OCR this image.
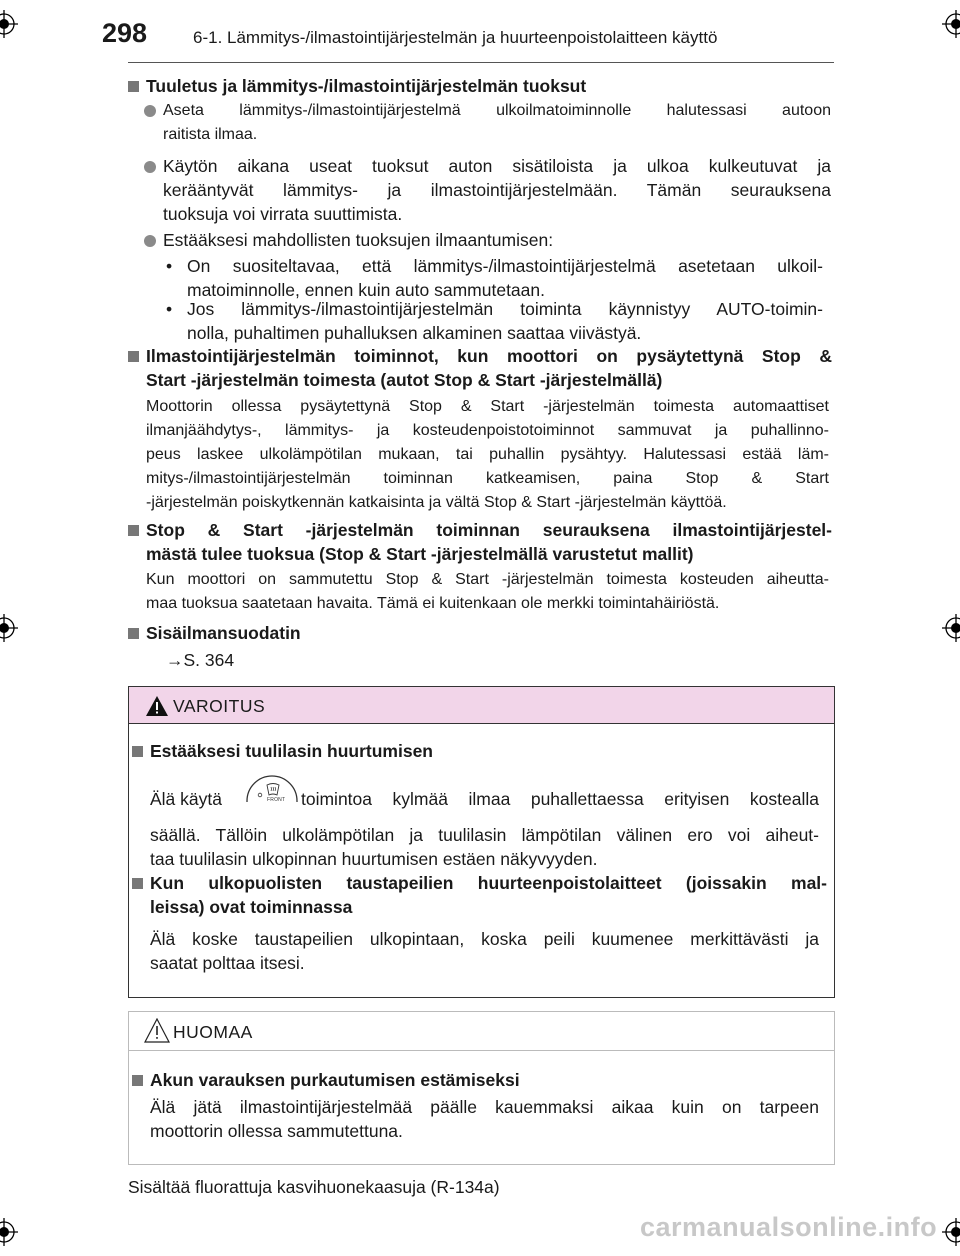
298	6-1. Lämmitys-/ilmastointijärjestelmän ja huurteenpoistolaitteen käyttö
Tuuletus ja lämmitys-/ilmastointijärjestelmän tuoksut
Aseta lämmitys-/ilmastointijärjestelmä ulkoilmatoiminnolle halutessasi autoon
raitista ilmaa.
Käytön aikana useat tuoksut auton sisätiloista ja ulkoa kulkeutuvat ja
kerääntyvät lämmitys- ja ilmastointijärjestelmään. Tämän seurauksena
tuoksuja voi virrata suuttimista.
Estääksesi mahdollisten tuoksujen ilmaantumisen:
• On suositeltavaa, että lämmitys-/ilmastointijärjestelmä asetetaan ulkoil-
matoiminnolle, ennen kuin auto sammutetaan.
• Jos lämmitys-/ilmastointijärjestelmän toiminta käynnistyy AUTO-toimin-
nolla, puhaltimen puhalluksen alkaminen saattaa viivästyä.
Ilmastointijärjestelmän toiminnot, kun moottori on pysäytettynä Stop &
Start -järjestelmän toimesta (autot Stop & Start -järjestelmällä)
Moottorin ollessa pysäytettynä Stop & Start -järjestelmän toimesta automaattiset
ilmanjäähdytys-, lämmitys- ja kosteudenpoistotoiminnot sammuvat ja puhallinno-
peus laskee ulkolämpötilan mukaan, tai puhallin pysähtyy. Halutessasi estää läm-
mitys-/ilmastointijärjestelmän toiminnan katkeamisen, paina Stop & Start
-järjestelmän poiskytkennän katkaisinta ja vältä Stop & Start -järjestelmän käyttöä.
Stop & Start -järjestelmän toiminnan seurauksena ilmastointijärjestel-
mästä tulee tuoksua (Stop & Start -järjestelmällä varustetut mallit)
Kun moottori on sammutettu Stop & Start -järjestelmän toimesta kosteuden aiheutta-
maa tuoksua saatetaan havaita. Tämä ei kuitenkaan ole merkki toimintahäiriöstä.
Sisäilmansuodatin
→S. 364
VAROITUS
Estääksesi tuulilasin huurtumisen
Älä käytä	FRONT toimintoa kylmää ilmaa puhallettaessa erityisen kostealla
säällä. Tällöin ulkolämpötilan ja tuulilasin lämpötilan välinen ero voi aiheut-
taa tuulilasin ulkopinnan huurtumisen estäen näkyvyyden.
Kun ulkopuolisten taustapeilien huurteenpoistolaitteet (joissakin mal-
leissa) ovat toiminnassa
Älä koske taustapeilien ulkopintaan, koska peili kuumenee merkittävästi ja
saatat polttaa itsesi.
HUOMAA
Akun varauksen purkautumisen estämiseksi
Älä jätä ilmastointijärjestelmää päälle kauemmaksi aikaa kuin on tarpeen
moottorin ollessa sammutettuna.
Sisältää fluorattuja kasvihuonekaasuja (R-134a)
carmanualsonline.info
